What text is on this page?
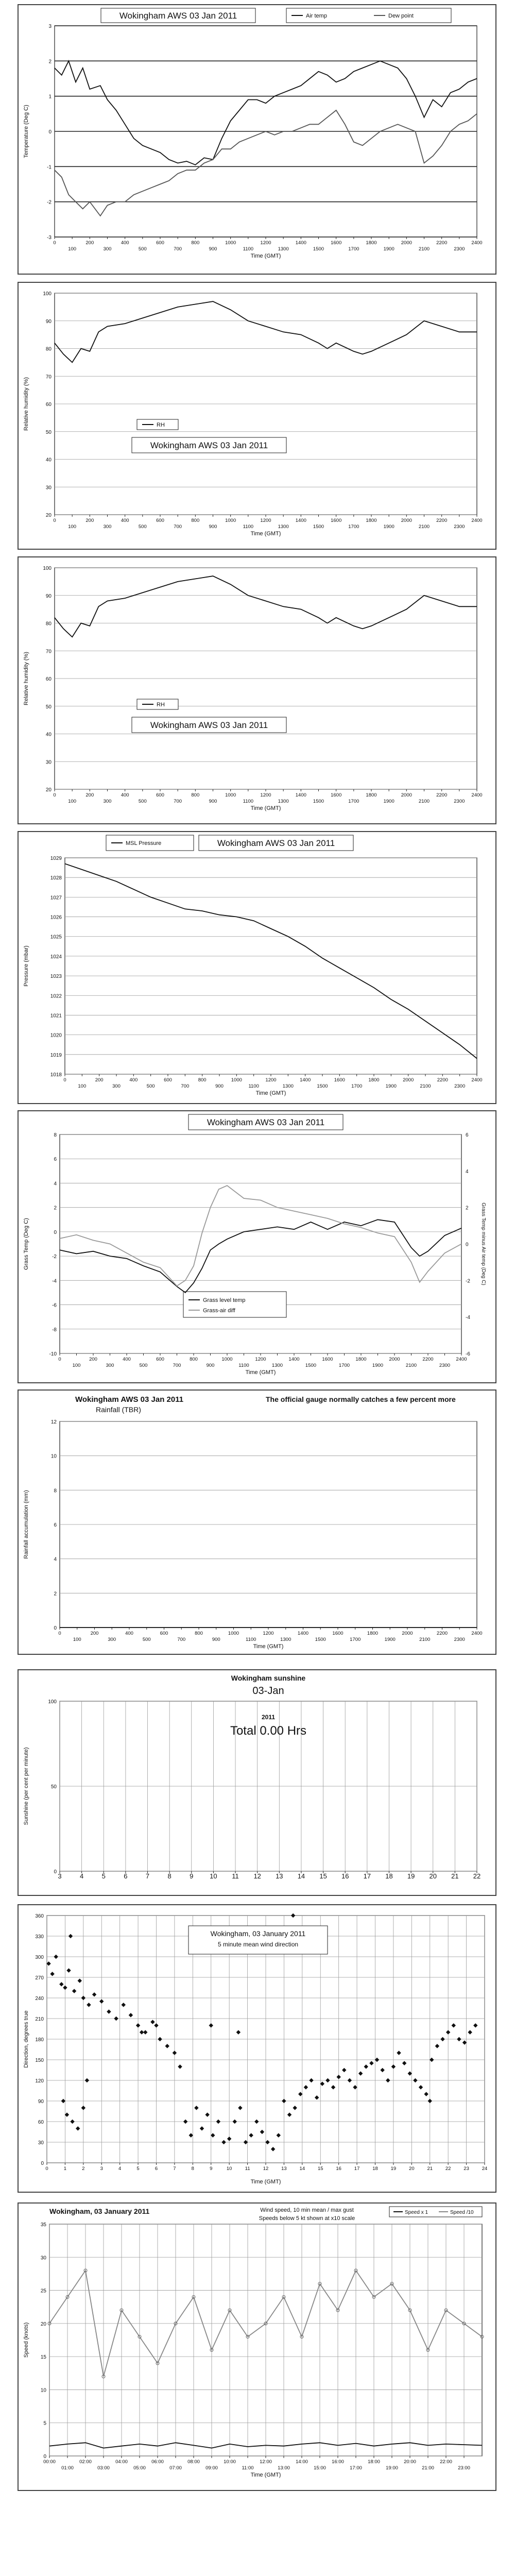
-3
-2
-1
0
1
2
3
0
100
200
300
400
500
600
700
800
900
1000
1100
1200
1300
1400
1500
1600
1700
1800
1900
2000
2100
2200
2300
2400
Time (GMT)
Temperature (Deg C)
Wokingham AWS 03 Jan 2011	Air temp	Dew point
20
30
40
50
60
70
80
90
100
0
100
200
300
400
500
600
700
800
900
1000
1100
1200
1300
1400
1500
1600
1700
1800
1900
2000
2100
2200
2300
2400
Time (GMT)
Relative humidity (%)
Wokingham AWS 03 Jan 2011
RH
20
30
40
50
60
70
80
90
100
0
100
200
300
400
500
600
700
800
900
1000
1100
1200
1300
1400
1500
1600
1700
1800
1900
2000
2100
2200
2300
2400
Time (GMT)
Relative humidity (%)
Wokingham AWS 03 Jan 2011
RH
1018
1019
1020
1021
1022
1023
1024
1025
1026
1027
1028
1029
0
100
200
300
400
500
600
700
800
900
1000
1100
1200
1300
1400
1500
1600
1700
1800
1900
2000
2100
2200
2300
2400
Time (GMT)
Pressure (mbar)
Wokingham AWS 03 Jan 2011
MSL Pressure
-10
-8
-6
-4
-2
0
2
4
6
8
0
100
200
300
400
500
600
700
800
900
1000
1100
1200
1300
1400
1500
1600
1700
1800
1900
2000
2100
2200
2300
2400
Time (GMT)
Grass Temp (Deg C)
-6
-4
-2
0
2
4
6
Grass Temp minus Air temp (Deg C)
Wokingham AWS 03 Jan 2011
Grass level temp
Grass-air diff
0
2
4
6
8
10
12
0
100
200
300
400
500
600
700
800
900
1000
1100
1200
1300
1400
1500
1600
1700
1800
1900
2000
2100
2200
2300
2400
Time (GMT)
Rainfall accumulation (mm)
Wokingham AWS 03 Jan 2011
Rainfall (TBR)
The official gauge normally catches a few percent more
0
50
100
3	4	5	6	7	8	9 10 11 12 13 14 15 16 17 18 19 20 21 22
Sunshine (per cent per minute)
Wokingham sunshine
03-Jan
2011
Total 0.00 Hrs
0
30
60
90
120
150
180
210
240
270
300
330
360
0	1	2	3	4	5	6	7	8	9	10	11	12	13	14	15	16	17	18	19	20	21	22	23	24
Time (GMT)
Direction, degrees true
Wokingham, 03 January 2011
5 minute mean wind direction
0
5
10
15
20
25
30
35
00:00
01:00
02:00
03:00
04:00
05:00
06:00
07:00
08:00
09:00
10:00
11:00
12:00
13:00
14:00
15:00
16:00
17:00
18:00
19:00
20:00
21:00
22:00
23:00
Time (GMT)
Speed (knots)
Wokingham, 03 January 2011	Wind speed, 10 min mean / max gust
Speeds below 5 kt shown at x10 scale
Speed x 1	Speed /10
